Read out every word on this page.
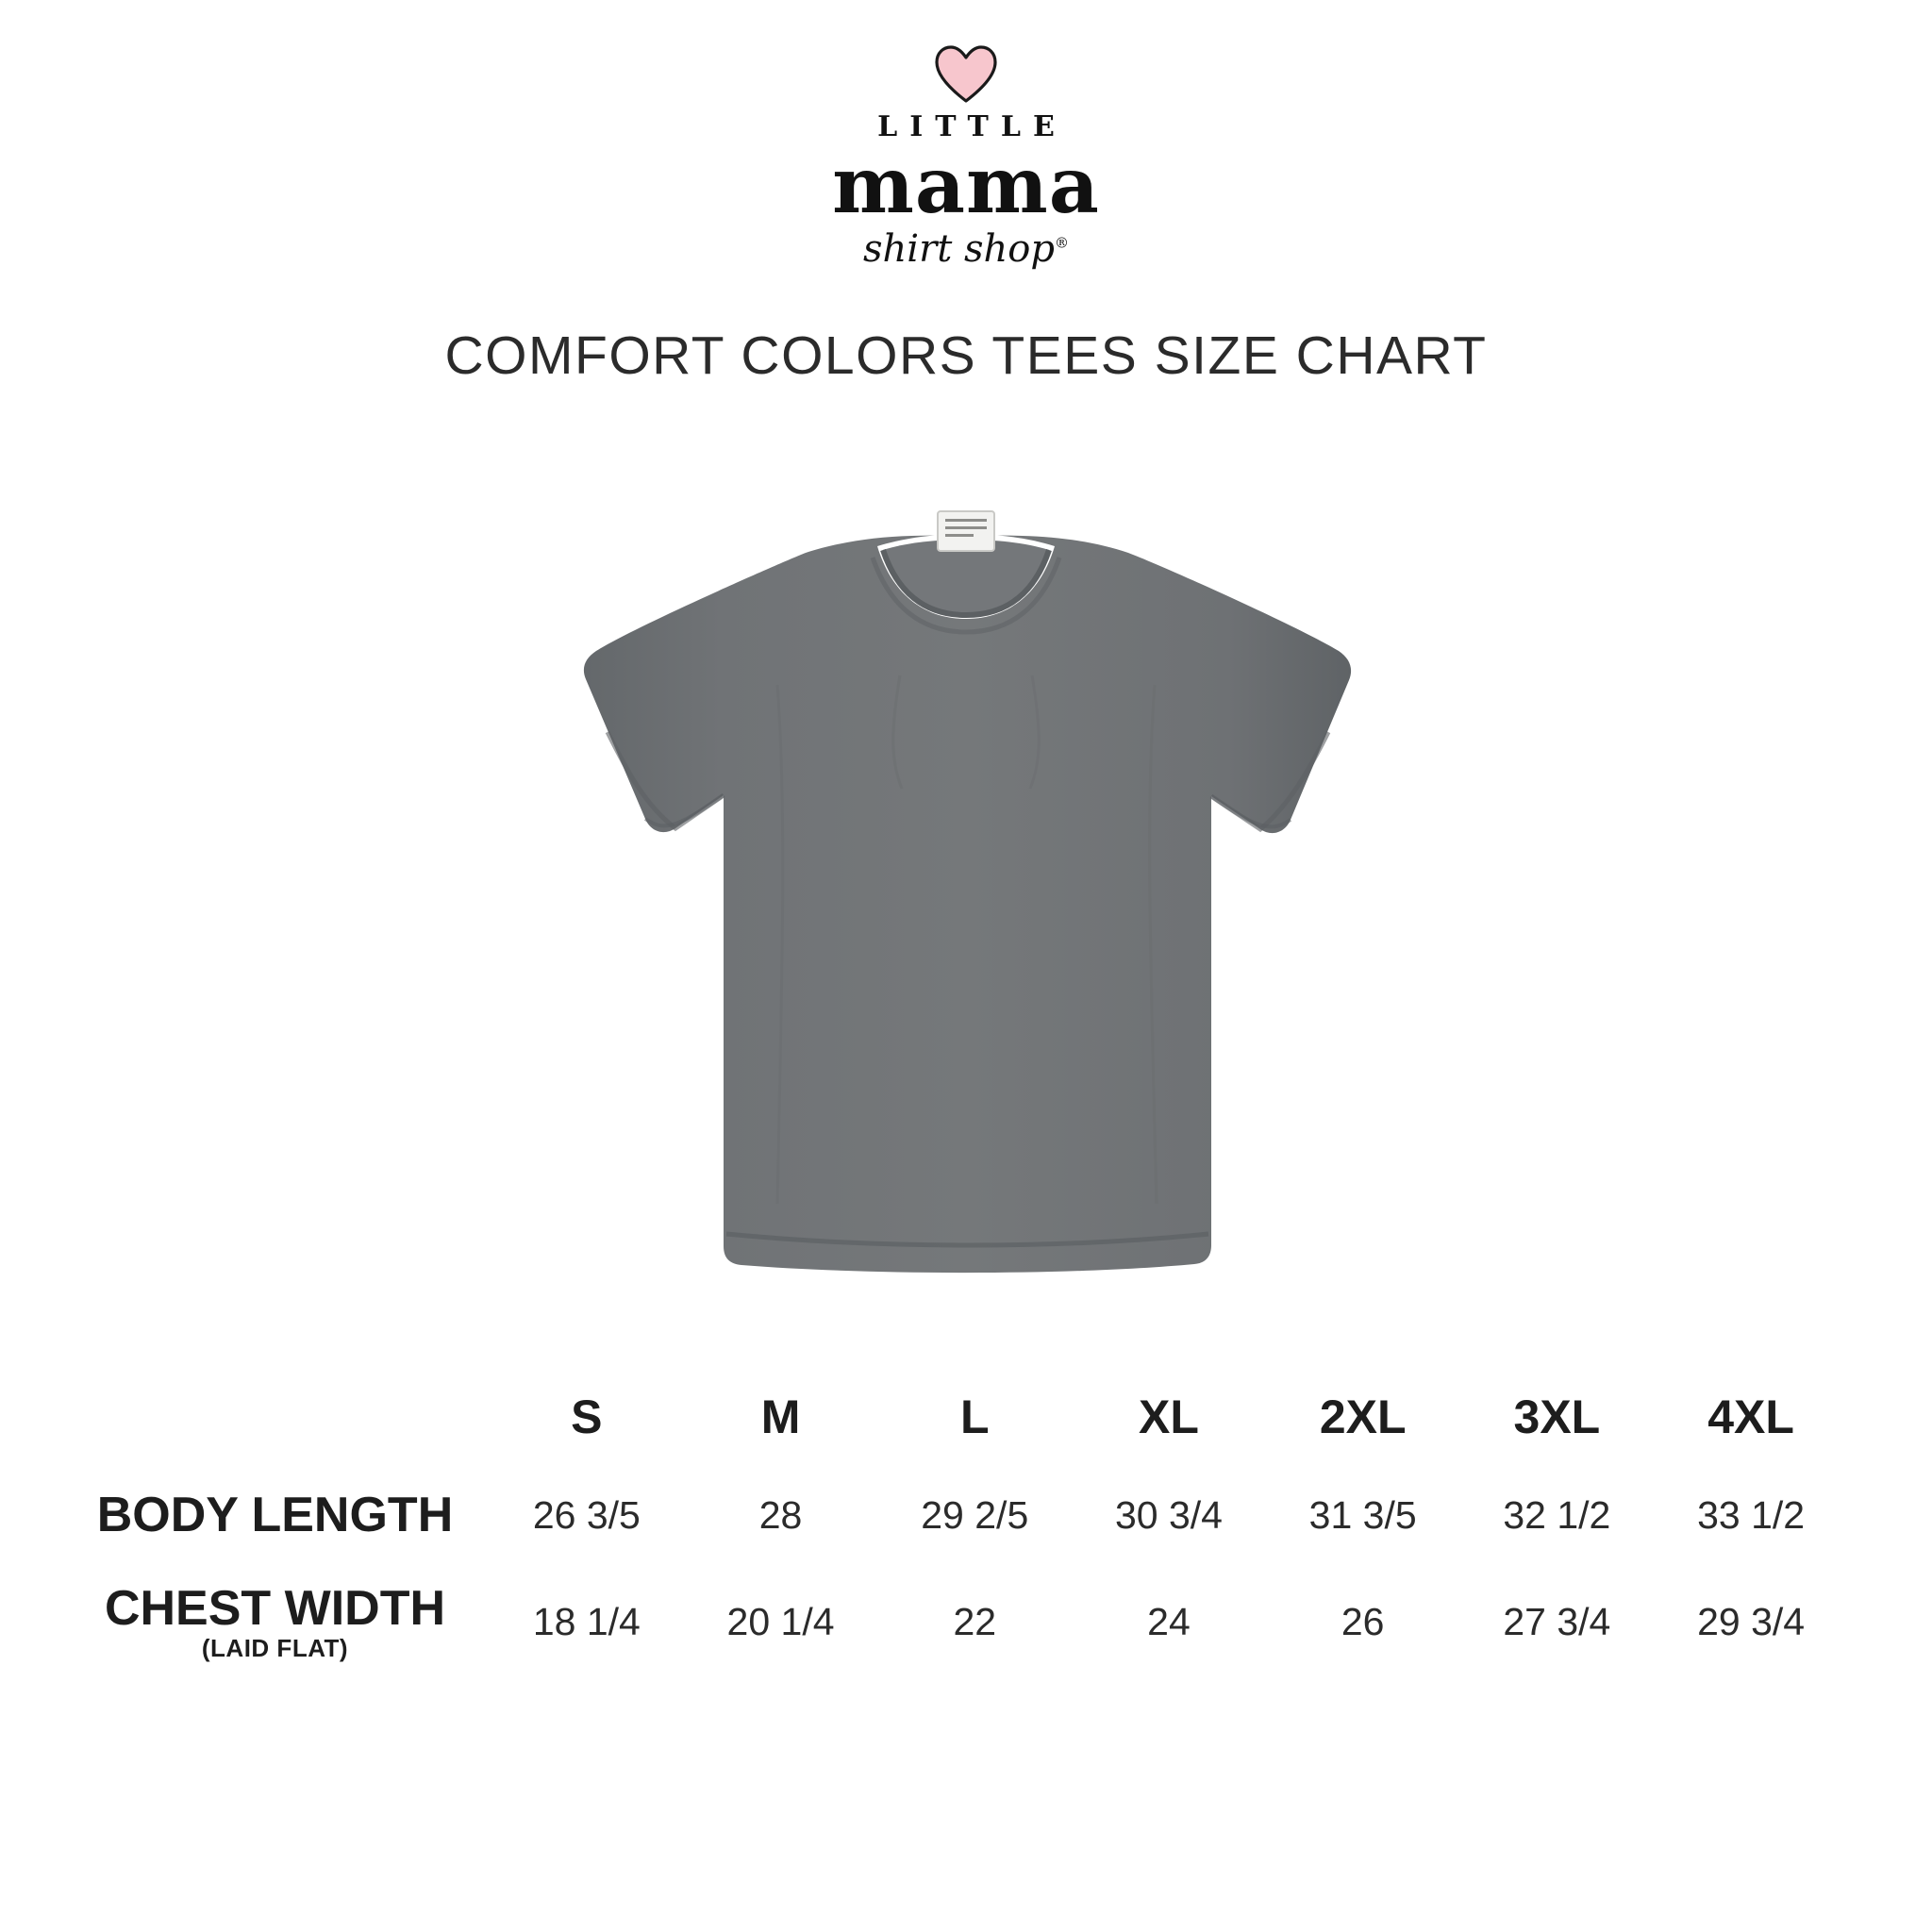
LITTLE
mama
shirt shop®
COMFORT COLORS TEES SIZE CHART
	S	M	L	XL	2XL	3XL	4XL
BODY LENGTH	26 3/5	28	29 2/5	30 3/4	31 3/5	32 1/2	33 1/2

CHEST WIDTH
(LAID FLAT)	18 1/4	20 1/4	22	24	26	27 3/4	29 3/4
